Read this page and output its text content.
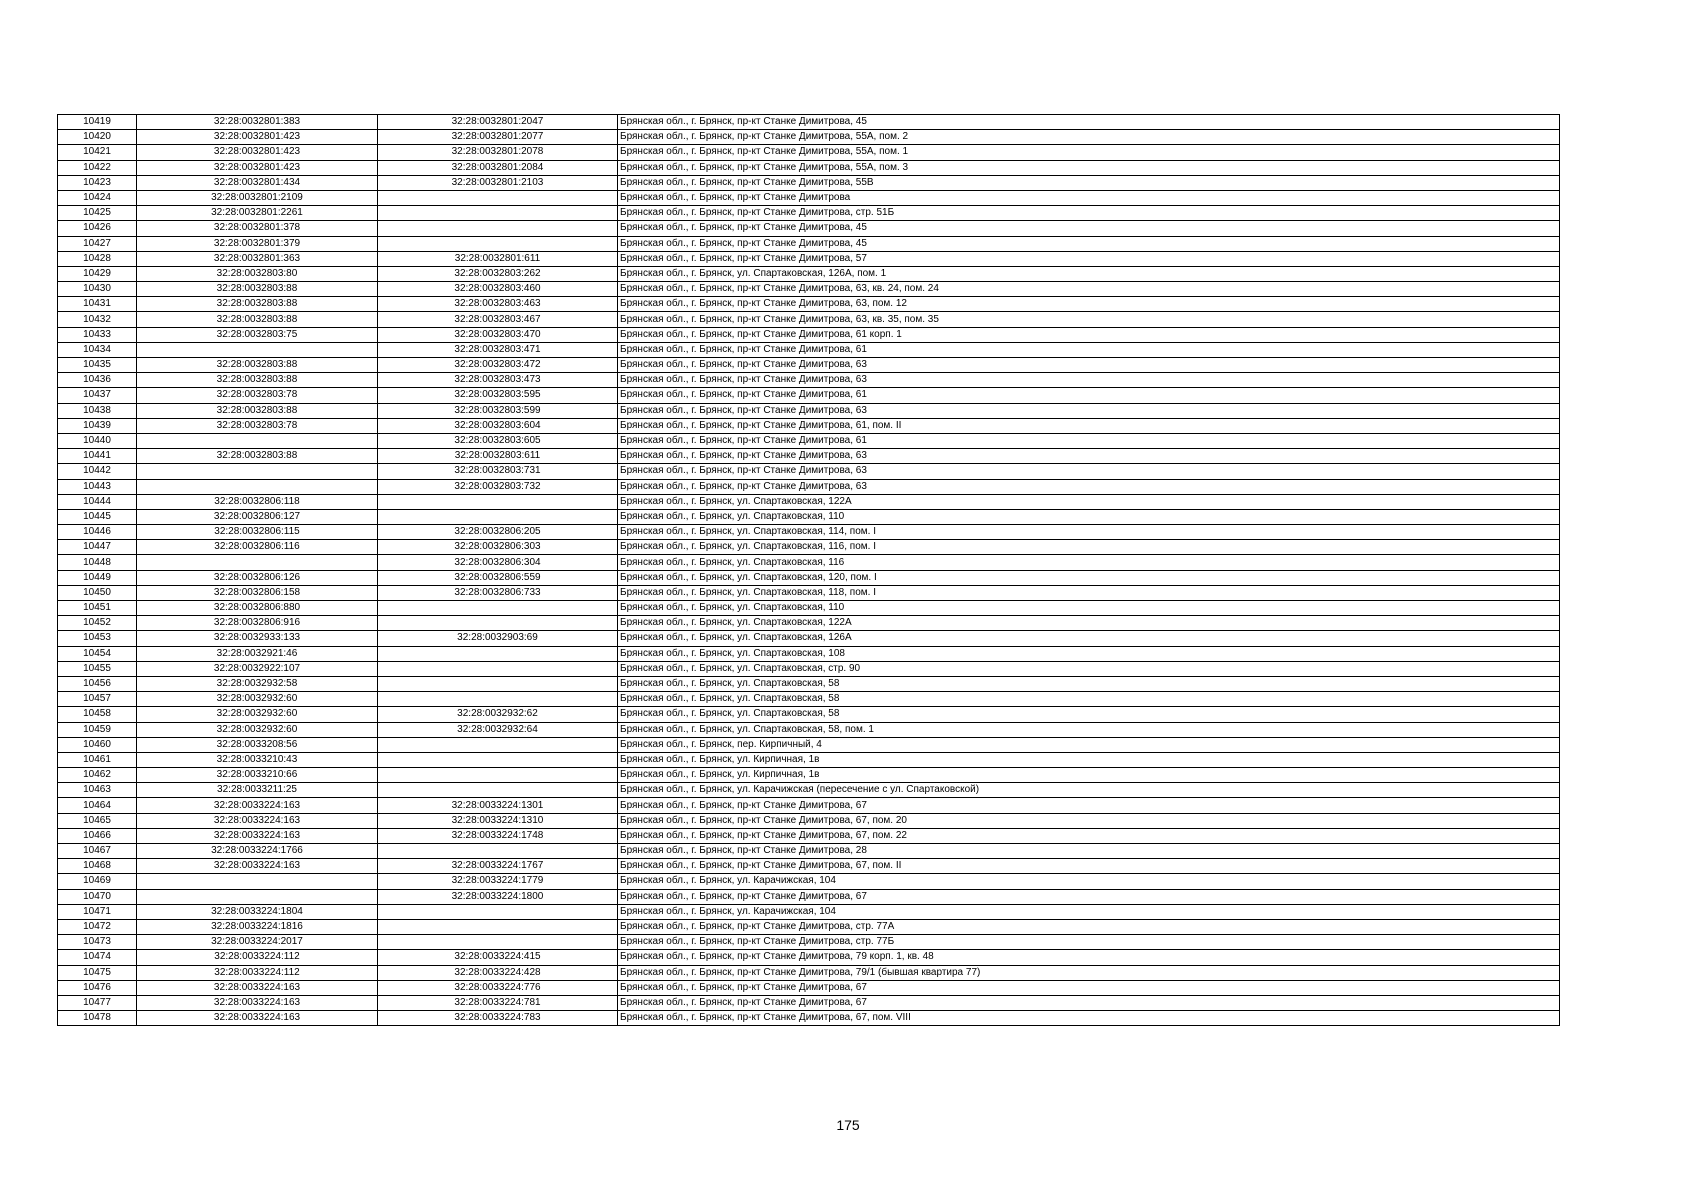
10419	32:28:0032801:383	32:28:0032801:2047	Брянская обл., г. Брянск, пр-кт Станке Димитрова, 45
10420	32:28:0032801:423	32:28:0032801:2077	Брянская обл., г. Брянск, пр-кт Станке Димитрова, 55А, пом. 2
10421	32:28:0032801:423	32:28:0032801:2078	Брянская обл., г. Брянск, пр-кт Станке Димитрова, 55А, пом. 1
10422	32:28:0032801:423	32:28:0032801:2084	Брянская обл., г. Брянск, пр-кт Станке Димитрова, 55А, пом. 3
10423	32:28:0032801:434	32:28:0032801:2103	Брянская обл., г. Брянск, пр-кт Станке Димитрова, 55В
10424	32:28:0032801:2109		Брянская обл., г. Брянск, пр-кт Станке Димитрова
10425	32:28:0032801:2261		Брянская обл., г. Брянск, пр-кт Станке Димитрова, стр. 51Б
10426	32:28:0032801:378		Брянская обл., г. Брянск, пр-кт Станке Димитрова, 45
10427	32:28:0032801:379		Брянская обл., г. Брянск, пр-кт Станке Димитрова, 45
10428	32:28:0032801:363	32:28:0032801:611	Брянская обл., г. Брянск, пр-кт Станке Димитрова, 57
10429	32:28:0032803:80	32:28:0032803:262	Брянская обл., г. Брянск, ул. Спартаковская, 126А, пом. 1
10430	32:28:0032803:88	32:28:0032803:460	Брянская обл., г. Брянск, пр-кт Станке Димитрова, 63, кв. 24, пом. 24
10431	32:28:0032803:88	32:28:0032803:463	Брянская обл., г. Брянск, пр-кт Станке Димитрова, 63, пом. 12
10432	32:28:0032803:88	32:28:0032803:467	Брянская обл., г. Брянск, пр-кт Станке Димитрова, 63, кв. 35, пом. 35
10433	32:28:0032803:75	32:28:0032803:470	Брянская обл., г. Брянск, пр-кт Станке Димитрова, 61 корп. 1
10434		32:28:0032803:471	Брянская обл., г. Брянск, пр-кт Станке Димитрова, 61
10435	32:28:0032803:88	32:28:0032803:472	Брянская обл., г. Брянск, пр-кт Станке Димитрова, 63
10436	32:28:0032803:88	32:28:0032803:473	Брянская обл., г. Брянск, пр-кт Станке Димитрова, 63
10437	32:28:0032803:78	32:28:0032803:595	Брянская обл., г. Брянск, пр-кт Станке Димитрова, 61
10438	32:28:0032803:88	32:28:0032803:599	Брянская обл., г. Брянск, пр-кт Станке Димитрова, 63
10439	32:28:0032803:78	32:28:0032803:604	Брянская обл., г. Брянск, пр-кт Станке Димитрова, 61, пом. II
10440		32:28:0032803:605	Брянская обл., г. Брянск, пр-кт Станке Димитрова, 61
10441	32:28:0032803:88	32:28:0032803:611	Брянская обл., г. Брянск, пр-кт Станке Димитрова, 63
10442		32:28:0032803:731	Брянская обл., г. Брянск, пр-кт Станке Димитрова, 63
10443		32:28:0032803:732	Брянская обл., г. Брянск, пр-кт Станке Димитрова, 63
10444	32:28:0032806:118		Брянская обл., г. Брянск, ул. Спартаковская, 122А
10445	32:28:0032806:127		Брянская обл., г. Брянск, ул. Спартаковская, 110
10446	32:28:0032806:115	32:28:0032806:205	Брянская обл., г. Брянск, ул. Спартаковская, 114, пом. I
10447	32:28:0032806:116	32:28:0032806:303	Брянская обл., г. Брянск, ул. Спартаковская, 116, пом. I
10448		32:28:0032806:304	Брянская обл., г. Брянск, ул. Спартаковская, 116
10449	32:28:0032806:126	32:28:0032806:559	Брянская обл., г. Брянск, ул. Спартаковская, 120, пом. I
10450	32:28:0032806:158	32:28:0032806:733	Брянская обл., г. Брянск, ул. Спартаковская, 118, пом. I
10451	32:28:0032806:880		Брянская обл., г. Брянск, ул. Спартаковская, 110
10452	32:28:0032806:916		Брянская обл., г. Брянск, ул. Спартаковская, 122А
10453	32:28:0032933:133	32:28:0032903:69	Брянская обл., г. Брянск, ул. Спартаковская, 126А
10454	32:28:0032921:46		Брянская обл., г. Брянск, ул. Спартаковская, 108
10455	32:28:0032922:107		Брянская обл., г. Брянск, ул. Спартаковская, стр. 90
10456	32:28:0032932:58		Брянская обл., г. Брянск, ул. Спартаковская, 58
10457	32:28:0032932:60		Брянская обл., г. Брянск, ул. Спартаковская, 58
10458	32:28:0032932:60	32:28:0032932:62	Брянская обл., г. Брянск, ул. Спартаковская, 58
10459	32:28:0032932:60	32:28:0032932:64	Брянская обл., г. Брянск, ул. Спартаковская, 58, пом. 1
10460	32:28:0033208:56		Брянская обл., г. Брянск, пер. Кирпичный, 4
10461	32:28:0033210:43		Брянская обл., г. Брянск, ул. Кирпичная, 1в
10462	32:28:0033210:66		Брянская обл., г. Брянск, ул. Кирпичная, 1в
10463	32:28:0033211:25		Брянская обл., г. Брянск, ул. Карачижская (пересечение с ул. Спартаковской)
10464	32:28:0033224:163	32:28:0033224:1301	Брянская обл., г. Брянск, пр-кт Станке Димитрова, 67
10465	32:28:0033224:163	32:28:0033224:1310	Брянская обл., г. Брянск, пр-кт Станке Димитрова, 67, пом. 20
10466	32:28:0033224:163	32:28:0033224:1748	Брянская обл., г. Брянск, пр-кт Станке Димитрова, 67, пом. 22
10467	32:28:0033224:1766		Брянская обл., г. Брянск, пр-кт Станке Димитрова, 28
10468	32:28:0033224:163	32:28:0033224:1767	Брянская обл., г. Брянск, пр-кт Станке Димитрова, 67, пом. II
10469		32:28:0033224:1779	Брянская обл., г. Брянск, ул. Карачижская, 104
10470		32:28:0033224:1800	Брянская обл., г. Брянск, пр-кт Станке Димитрова, 67
10471	32:28:0033224:1804		Брянская обл., г. Брянск, ул. Карачижская, 104
10472	32:28:0033224:1816		Брянская обл., г. Брянск, пр-кт Станке Димитрова, стр. 77А
10473	32:28:0033224:2017		Брянская обл., г. Брянск, пр-кт Станке Димитрова, стр. 77Б
10474	32:28:0033224:112	32:28:0033224:415	Брянская обл., г. Брянск, пр-кт Станке Димитрова, 79 корп. 1, кв. 48
10475	32:28:0033224:112	32:28:0033224:428	Брянская обл., г. Брянск, пр-кт Станке Димитрова, 79/1 (бывшая квартира 77)
10476	32:28:0033224:163	32:28:0033224:776	Брянская обл., г. Брянск, пр-кт Станке Димитрова, 67
10477	32:28:0033224:163	32:28:0033224:781	Брянская обл., г. Брянск, пр-кт Станке Димитрова, 67
10478	32:28:0033224:163	32:28:0033224:783	Брянская обл., г. Брянск, пр-кт Станке Димитрова, 67, пом. VIII
175
